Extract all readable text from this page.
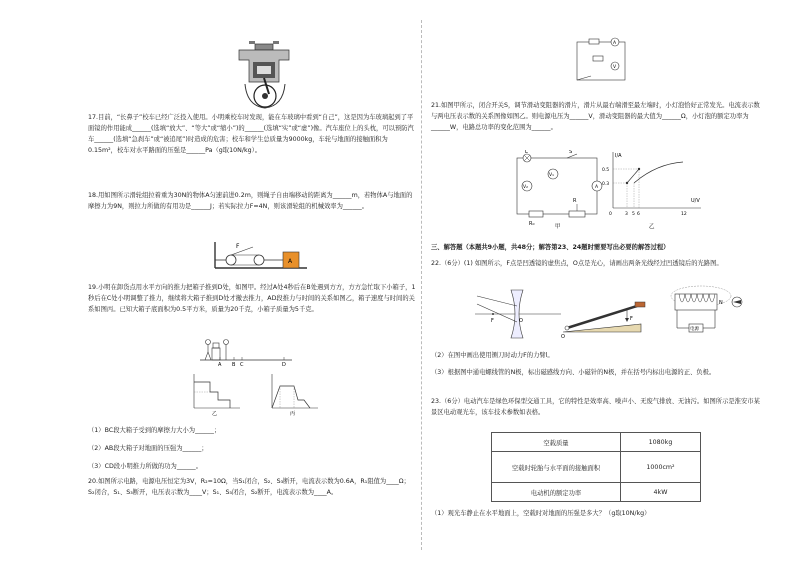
17.目前，“长鼻子”校车已经广泛投入使用。小明乘校车时发现，能在车玻璃中看到“自己”，这是因为车玻璃起到了平面镜的作用能成______(选填“放大”、“等大”或“缩小”)的______(选填“实”或“虚”)像。汽车座位上的头枕，可以预防汽车______(选填“急刹车”或“被追尾”)时造成的危害；校车和学生总质量为9000kg，车轮与地面的接触面积为0.15m²，校车对水平路面的压强是______Pa（g取10N/kg）。

18.用如图所示滑轮组拉着重为30N的物体A匀速前进0.2m，则绳子自由端移动的距离为______m，若物体A与地面的摩擦力为9N，则拉力所做的有用功是______J；若实际拉力F=4N，则该滑轮组的机械效率为______。

F
A

19.小明在卸货点用水平方向的推力把箱子推到D处，如图甲。经过A处4秒后在B处遇到方方，方方急忙取下小箱子，1秒后在C处小明调整了推力，继续将大箱子推到D处才撤去推力，AD段推力与时间的关系如图乙，箱子速度与时间的关系如图丙。已知大箱子底面积为0.5平方米，质量为20千克，小箱子质量为5千克。

A B C	D
乙	丙

（1）BC段大箱子受到的摩擦力大小为______；

（2）AB段大箱子对地面的压强为______；

（3）CD段小明推力所做的功为______。

20.如图所示电路，电源电压恒定为3V，R₂=10Ω，当S₁闭合，S₂、S₃断开，电流表示数为0.6A，R₁阻值为____Ω；S₂闭合，S₁、S₃断开，电压表示数为____V；S₁、S₃闭合，S₂断开，电流表示数为____A。

A
V

21.如图甲所示，闭合开关S，调节滑动变阻器的滑片，滑片从最右端滑至最左端时，小灯泡恰好正常发光。电流表示数与两电压表示数的关系图像如图乙。则电源电压为______V，滑动变阻器的最大值为______Ω，小灯泡的额定功率为______W，电路总功率的变化范围为______。

L	S
V₁
V₂	A
R₀
R
甲
I/A
U/V
0.5
0.3
0	3 5 6	12
乙

三、解答题（本题共9小题，共48分；解答第23、24题时需要写出必要的解答过程）

22.（6分）(1) 如图所示，F点是凹透镜的虚焦点，O点是光心，请画出两条光线经过凹透镜后的光路图。

F	O
O
F
N
电源

（2）在图中画出使用铡刀时动力F的力臂l。

（3）根据图中通电螺线管的N极，标出磁感线方向、小磁针的N极，并在括号内标出电源的正、负极。

23.（6分）电动汽车是绿色环保型交通工具，它的特性是效率高、噪声小、无废气排放、无油污。如图所示是淮安市某景区电动观光车，该车技术参数如表格。

空载质量	1080kg
空载时轮胎与水平面的接触面积	1000cm²
电动机的额定功率	4kW

（1）观光车静止在水平地面上，空载时对地面的压强是多大？（g取10N/kg）
